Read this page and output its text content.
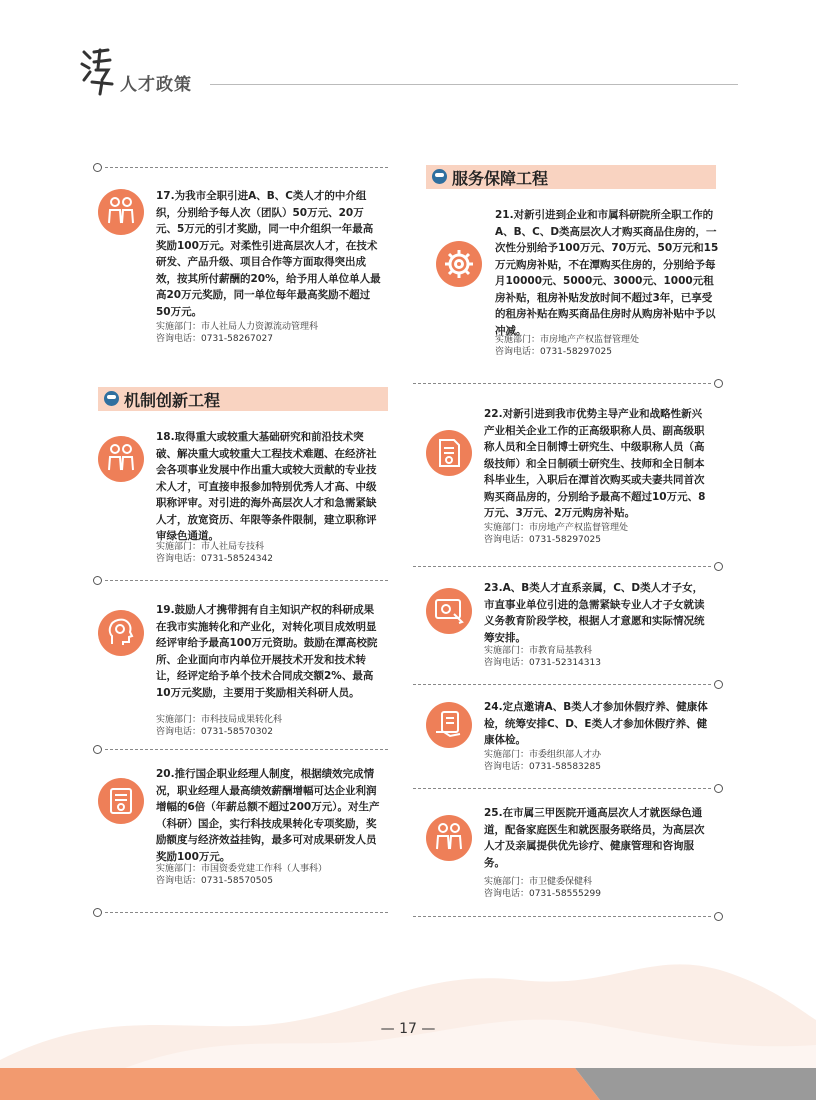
人才政策
17.为我市全职引进A、B、C类人才的中介组织，分别给予每人次（团队）50万元、20万元、5万元的引才奖励，同一中介组织一年最高奖励100万元。对柔性引进高层次人才，在技术研发、产品升级、项目合作等方面取得突出成效，按其所付薪酬的20%，给予用人单位单人最高20万元奖励，同一单位每年最高奖励不超过50万元。
实施部门：市人社局人力资源流动管理科
咨询电话：0731-58267027
机制创新工程
18.取得重大或较重大基础研究和前沿技术突破、解决重大或较重大工程技术难题、在经济社会各项事业发展中作出重大或较大贡献的专业技术人才，可直接申报参加特别优秀人才高、中级职称评审。对引进的海外高层次人才和急需紧缺人才，放宽资历、年限等条件限制，建立职称评审绿色通道。
实施部门：市人社局专技科
咨询电话：0731-58524342
19.鼓励人才携带拥有自主知识产权的科研成果在我市实施转化和产业化，对转化项目成效明显经评审给予最高100万元资助。鼓励在潭高校院所、企业面向市内单位开展技术开发和技术转让，经评定给予单个技术合同成交额2%、最高10万元奖励，主要用于奖励相关科研人员。
实施部门：市科技局成果转化科
咨询电话：0731-58570302
20.推行国企职业经理人制度，根据绩效完成情况，职业经理人最高绩效薪酬增幅可达企业利润增幅的6倍（年薪总额不超过200万元）。对生产（科研）国企，实行科技成果转化专项奖励，奖励额度与经济效益挂钩，最多可对成果研发人员奖励100万元。
实施部门：市国资委党建工作科（人事科）
咨询电话：0731-58570505
服务保障工程
21.对新引进到企业和市属科研院所全职工作的A、B、C、D类高层次人才购买商品住房的，一次性分别给予100万元、70万元、50万元和15万元购房补贴，不在潭购买住房的，分别给予每月10000元、5000元、3000元、1000元租房补贴，租房补贴发放时间不超过3年，已享受的租房补贴在购买商品住房时从购房补贴中予以冲减。
实施部门：市房地产产权监督管理处
咨询电话：0731-58297025
22.对新引进到我市优势主导产业和战略性新兴产业相关企业工作的正高级职称人员、副高级职称人员和全日制博士研究生、中级职称人员（高级技师）和全日制硕士研究生、技师和全日制本科毕业生，入职后在潭首次购买或夫妻共同首次购买商品房的，分别给予最高不超过10万元、8万元、3万元、2万元购房补贴。
实施部门：市房地产产权监督管理处
咨询电话：0731-58297025
23.A、B类人才直系亲属，C、D类人才子女，市直事业单位引进的急需紧缺专业人才子女就读义务教育阶段学校，根据人才意愿和实际情况统筹安排。
实施部门：市教育局基教科
咨询电话：0731-52314313
24.定点邀请A、B类人才参加休假疗养、健康体检，统筹安排C、D、E类人才参加休假疗养、健康体检。
实施部门：市委组织部人才办
咨询电话：0731-58583285
25.在市属三甲医院开通高层次人才就医绿色通道，配备家庭医生和就医服务联络员，为高层次人才及亲属提供优先诊疗、健康管理和咨询服务。
实施部门：市卫健委保健科
咨询电话：0731-58555299
— 17 —
